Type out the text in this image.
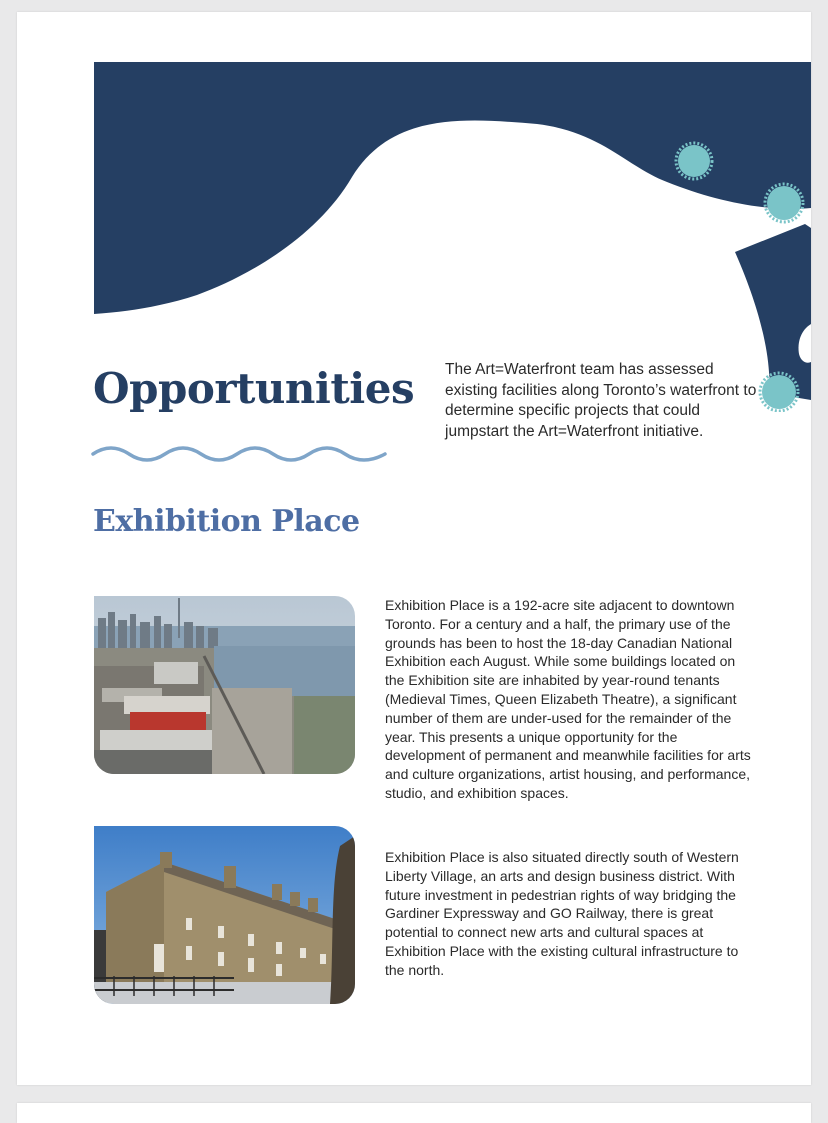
Opportunities The Art=Waterfront team has assessed existing facilities along Toronto’s waterfront to determine specific projects that could jumpstart the Art=Waterfront initiative.

Exhibition Place

Exhibition Place is a 192-acre site adjacent to downtown Toronto. For a century and a half, the primary use of the grounds has been to host the 18-day Canadian National Exhibition each August. While some buildings located on the Exhibition site are inhabited by year-round tenants (Medieval Times, Queen Elizabeth Theatre), a significant number of them are under-used for the remainder of the year. This presents a unique opportunity for the development of permanent and meanwhile facilities for arts and culture organizations, artist housing, and performance, studio, and exhibition spaces.

Exhibition Place is also situated directly south of Western Liberty Village, an arts and design business district. With future investment in pedestrian rights of way bridging the Gardiner Expressway and GO Railway, there is great potential to connect new arts and cultural spaces at Exhibition Place with the existing cultural infrastructure to the north.
